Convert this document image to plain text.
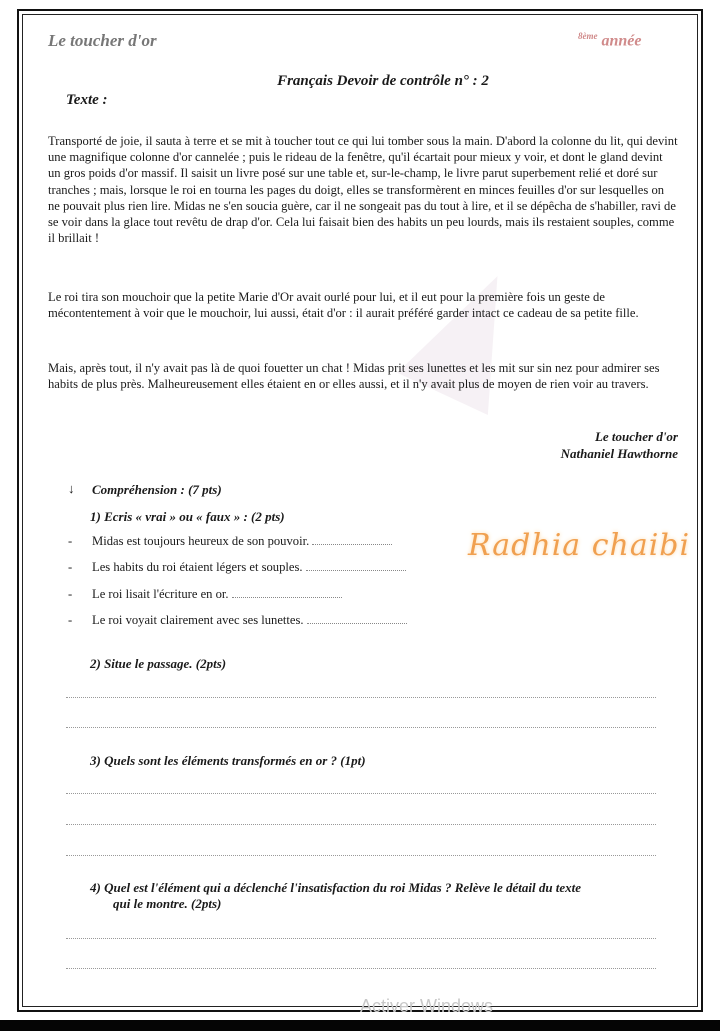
Le toucher d'or	$^{8ème}$ année
Français Devoir de contrôle n° : 2
Texte :
Transporté de joie, il sauta à terre et se mit à toucher tout ce qui lui tomber sous la main. D'abord la colonne du lit, qui devint une magnifique colonne d'or cannelée ; puis le rideau de la fenêtre, qu'il écartait pour mieux y voir, et dont le gland devint un gros poids d'or massif. Il saisit un livre posé sur une table et, sur-le-champ, le livre parut superbement relié et doré sur tranches ; mais, lorsque le roi en tourna les pages du doigt, elles se transformèrent en minces feuilles d'or sur lesquelles on ne pouvait plus rien lire. Midas ne s'en soucia guère, car il ne songeait pas du tout à lire, et il se dépêcha de s'habiller, ravi de se voir dans la glace tout revêtu de drap d'or. Cela lui faisait bien des habits un peu lourds, mais ils restaient souples, comme il brillait !
Le roi tira son mouchoir que la petite Marie d'Or avait ourlé pour lui, et il eut pour la première fois un geste de mécontentement à voir que le mouchoir, lui aussi, était d'or : il aurait préféré garder intact ce cadeau de sa petite fille.
Mais, après tout, il n'y avait pas là de quoi fouetter un chat ! Midas prit ses lunettes et les mit sur sin nez pour admirer ses habits de plus près. Malheureusement elles étaient en or elles aussi, et il n'y avait plus de moyen de rien voir au travers.
Le toucher d'or
Nathaniel Hawthorne
↓ Compréhension : (7 pts)
1) Ecris « vrai » ou « faux » : (2 pts)
- Midas est toujours heureux de son pouvoir.
- Les habits du roi étaient légers et souples.
- Le roi lisait l'écriture en or.
- Le roi voyait clairement avec ses lunettes.
Radhia chaibi
2) Situe le passage. (2pts)
3) Quels sont les éléments transformés en or ? (1pt)
4) Quel est l'élément qui a déclenché l'insatisfaction du roi Midas ? Relève le détail du texte
qui le montre. (2pts)
Activer Windows
